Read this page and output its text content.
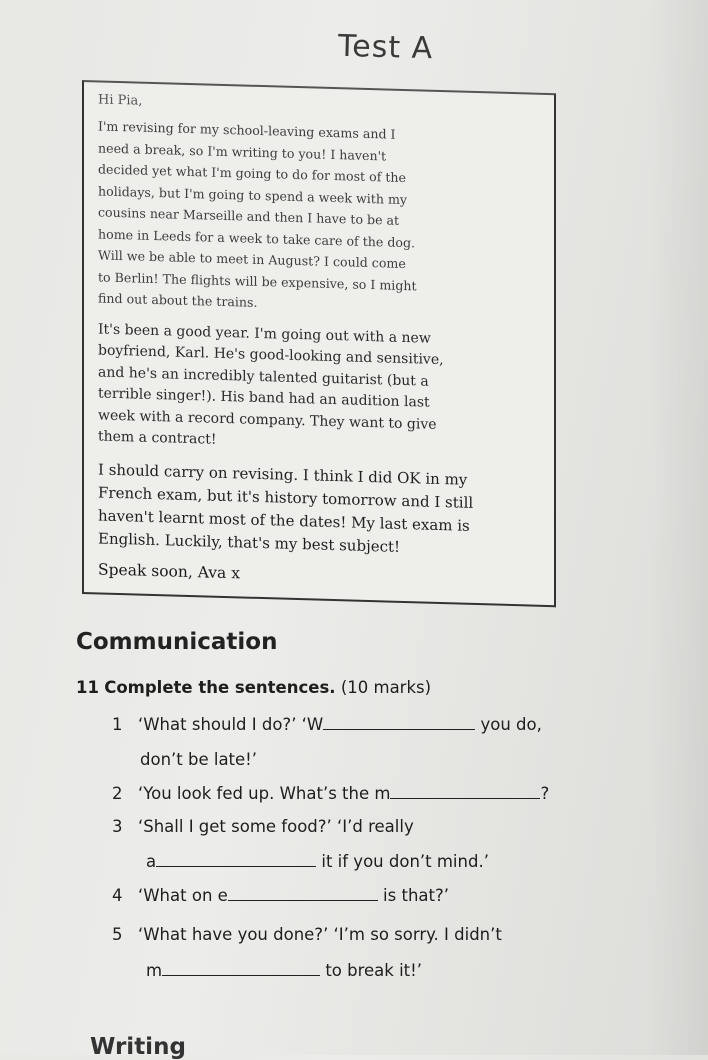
Test A

Hi Pia,

I'm revising for my school-leaving exams and I
need a break, so I'm writing to you! I haven't
decided yet what I'm going to do for most of the
holidays, but I'm going to spend a week with my
cousins near Marseille and then I have to be at
home in Leeds for a week to take care of the dog.
Will we be able to meet in August? I could come
to Berlin! The flights will be expensive, so I might
find out about the trains.
It's been a good year. I'm going out with a new
boyfriend, Karl. He's good-looking and sensitive,
and he's an incredibly talented guitarist (but a
terrible singer!). His band had an audition last
week with a record company. They want to give
them a contract!
I should carry on revising. I think I did OK in my
French exam, but it's history tomorrow and I still
haven't learnt most of the dates! My last exam is
English. Luckily, that's my best subject!
Speak soon, Ava x
Communication
11 Complete the sentences. (10 marks)
1 ‘What should I do?’ ‘W	you do,
don’t be late!’
2 ‘You look fed up. What’s the m	?
3 ‘Shall I get some food?’ ‘I’d really
a	it if you don’t mind.’
4 ‘What on e	is that?’
5 ‘What have you done?’ ‘I’m so sorry. I didn’t
m	to break it!’
Writing
